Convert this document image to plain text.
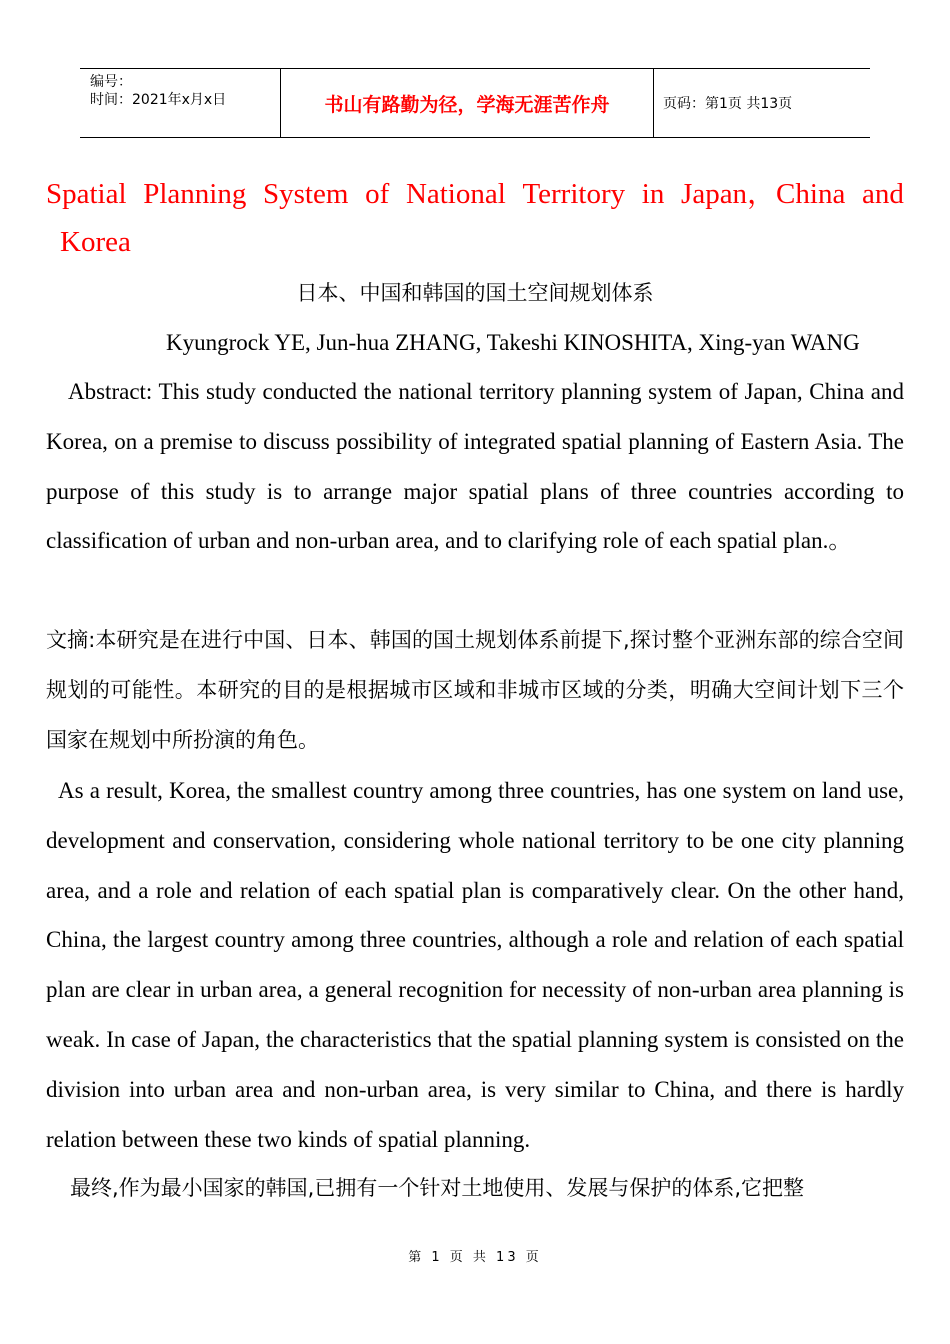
编号：
时间：2021年x月x日	书山有路勤为径，学海无涯苦作舟	页码：第1页 共13页
Spatial Planning System of National Territory in Japan，China and
Korea
日本、中国和韩国的国土空间规划体系
Kyungrock YE, Jun-hua ZHANG, Takeshi KINOSHITA, Xing-yan WANG
Abstract: This study conducted the national territory planning system of Japan, China and Korea, on a premise to discuss possibility of integrated spatial planning of Eastern Asia. The purpose of this study is to arrange major spatial plans of three countries according to classification of urban and non-urban area, and to clarifying role of each spatial plan.。
文摘:本研究是在进行中国、日本、韩国的国土规划体系前提下,探讨整个亚洲东部的综合空间规划的可能性。本研究的目的是根据城市区域和非城市区域的分类，明确大空间计划下三个国家在规划中所扮演的角色。
As a result, Korea, the smallest country among three countries, has one system on land use, development and conservation, considering whole national territory to be one city planning area, and a role and relation of each spatial plan is comparatively clear. On the other hand, China, the largest country among three countries, although a role and relation of each spatial plan are clear in urban area, a general recognition for necessity of non-urban area planning is weak. In case of Japan, the characteristics that the spatial planning system is consisted on the division into urban area and non-urban area, is very similar to China, and there is hardly relation between these two kinds of spatial planning.
最终,作为最小国家的韩国,已拥有一个针对土地使用、发展与保护的体系,它把整
第 1 页 共 13 页
